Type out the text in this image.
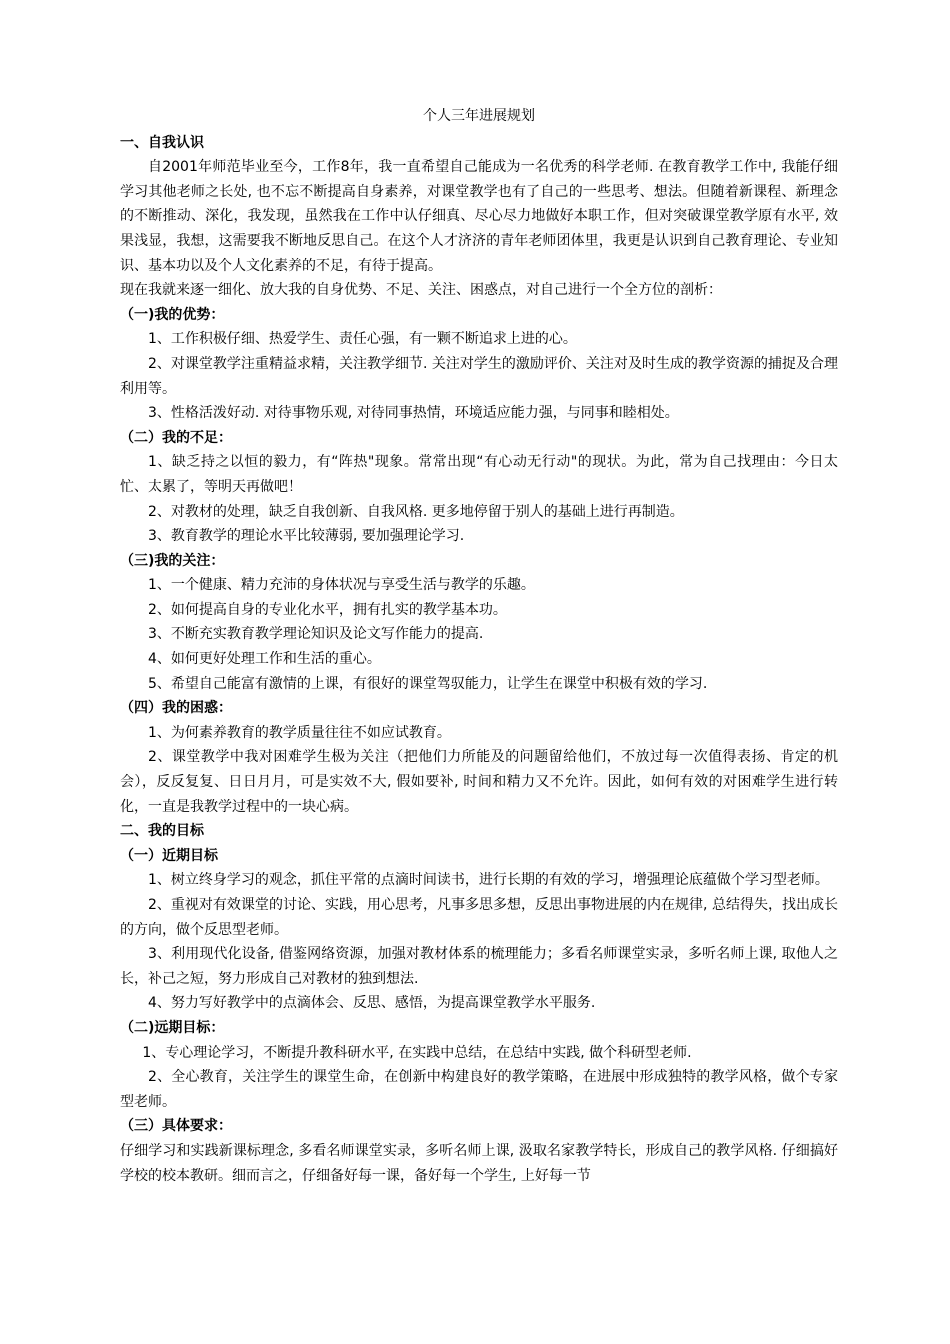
个人三年进展规划
一、自我认识

自2001年师范毕业至今，工作8年，我一直希望自己能成为一名优秀的科学老师. 在教育教学工作中, 我能仔细学习其他老师之长处, 也不忘不断提高自身素养，对课堂教学也有了自己的一些思考、想法。但随着新课程、新理念的不断推动、深化，我发现，虽然我在工作中认仔细真、尽心尽力地做好本职工作，但对突破课堂教学原有水平, 效果浅显，我想，这需要我不断地反思自己。在这个人才济济的青年老师团体里，我更是认识到自己教育理论、专业知识、基本功以及个人文化素养的不足，有待于提高。

现在我就来逐一细化、放大我的自身优势、不足、关注、困惑点，对自己进行一个全方位的剖析：

（一)我的优势：

1、工作积极仔细、热爱学生、责任心强，有一颗不断追求上进的心。

2、对课堂教学注重精益求精，关注教学细节. 关注对学生的激励评价、关注对及时生成的教学资源的捕捉及合理利用等。

3、性格活泼好动. 对待事物乐观, 对待同事热情，环境适应能力强，与同事和睦相处。

（二）我的不足：

1、缺乏持之以恒的毅力，有“阵热"现象。常常出现“有心动无行动"的现状。为此，常为自己找理由：今日太忙、太累了，等明天再做吧！

2、对教材的处理，缺乏自我创新、自我风格. 更多地停留于别人的基础上进行再制造。

3、教育教学的理论水平比较薄弱, 要加强理论学习.

（三)我的关注：

1、一个健康、精力充沛的身体状况与享受生活与教学的乐趣。

2、如何提高自身的专业化水平，拥有扎实的教学基本功。

3、不断充实教育教学理论知识及论文写作能力的提高.

4、如何更好处理工作和生活的重心。

5、希望自己能富有激情的上课，有很好的课堂驾驭能力，让学生在课堂中积极有效的学习.

（四）我的困惑：

1、为何素养教育的教学质量往往不如应试教育。

2、课堂教学中我对困难学生极为关注（把他们力所能及的问题留给他们，不放过每一次值得表扬、肯定的机会），反反复复、日日月月，可是实效不大, 假如要补, 时间和精力又不允许。因此，如何有效的对困难学生进行转化，一直是我教学过程中的一块心病。

二、我的目标
（一）近期目标

1、树立终身学习的观念，抓住平常的点滴时间读书，进行长期的有效的学习，增强理论底蕴做个学习型老师。

2、重视对有效课堂的讨论、实践，用心思考，凡事多思多想，反思出事物进展的内在规律, 总结得失，找出成长的方向，做个反思型老师。

3、利用现代化设备, 借鉴网络资源，加强对教材体系的梳理能力；多看名师课堂实录，多听名师上课, 取他人之长，补己之短，努力形成自己对教材的独到想法.

4、努力写好教学中的点滴体会、反思、感悟，为提高课堂教学水平服务.

（二)远期目标：

1、专心理论学习，不断提升教科研水平, 在实践中总结，在总结中实践, 做个科研型老师.

2、全心教育，关注学生的课堂生命，在创新中构建良好的教学策略，在进展中形成独特的教学风格，做个专家型老师。

（三）具体要求：

仔细学习和实践新课标理念, 多看名师课堂实录，多听名师上课, 汲取名家教学特长，形成自己的教学风格. 仔细搞好学校的校本教研。细而言之，仔细备好每一课，备好每一个学生, 上好每一节
